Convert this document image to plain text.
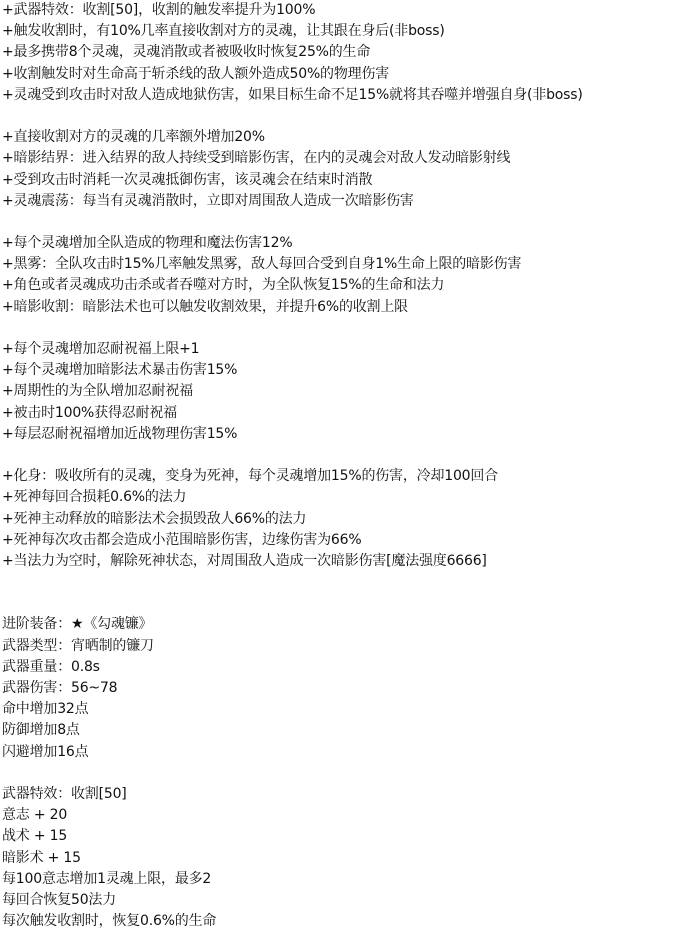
+武器特效：收割[50]，收割的触发率提升为100%
+触发收割时，有10%几率直接收割对方的灵魂，让其跟在身后(非boss)
+最多携带8个灵魂，灵魂消散或者被吸收时恢复25%的生命
+收割触发时对生命高于斩杀线的敌人额外造成50%的物理伤害
+灵魂受到攻击时对敌人造成地狱伤害，如果目标生命不足15%就将其吞噬并增强自身(非boss)
+直接收割对方的灵魂的几率额外增加20%
+暗影结界：进入结界的敌人持续受到暗影伤害，在内的灵魂会对敌人发动暗影射线
+受到攻击时消耗一次灵魂抵御伤害，该灵魂会在结束时消散
+灵魂震荡：每当有灵魂消散时，立即对周围敌人造成一次暗影伤害
+每个灵魂增加全队造成的物理和魔法伤害12%
+黑雾：全队攻击时15%几率触发黑雾，敌人每回合受到自身1%生命上限的暗影伤害
+角色或者灵魂成功击杀或者吞噬对方时，为全队恢复15%的生命和法力
+暗影收割：暗影法术也可以触发收割效果，并提升6%的收割上限
+每个灵魂增加忍耐祝福上限+1
+每个灵魂增加暗影法术暴击伤害15%
+周期性的为全队增加忍耐祝福
+被击时100%获得忍耐祝福
+每层忍耐祝福增加近战物理伤害15%
+化身：吸收所有的灵魂，变身为死神，每个灵魂增加15%的伤害，冷却100回合
+死神每回合损耗0.6%的法力
+死神主动释放的暗影法术会损毁敌人66%的法力
+死神每次攻击都会造成小范围暗影伤害，边缘伤害为66%
+当法力为空时，解除死神状态，对周围敌人造成一次暗影伤害[魔法强度6666]
进阶装备：★《勾魂镰》
武器类型：宵晒制的镰刀
武器重量：0.8s
武器伤害：56~78
命中增加32点
防御增加8点
闪避增加16点
武器特效：收割[50]
意志 + 20
战术 + 15
暗影术 + 15
每100意志增加1灵魂上限，最多2
每回合恢复50法力
每次触发收割时，恢复0.6%的生命
